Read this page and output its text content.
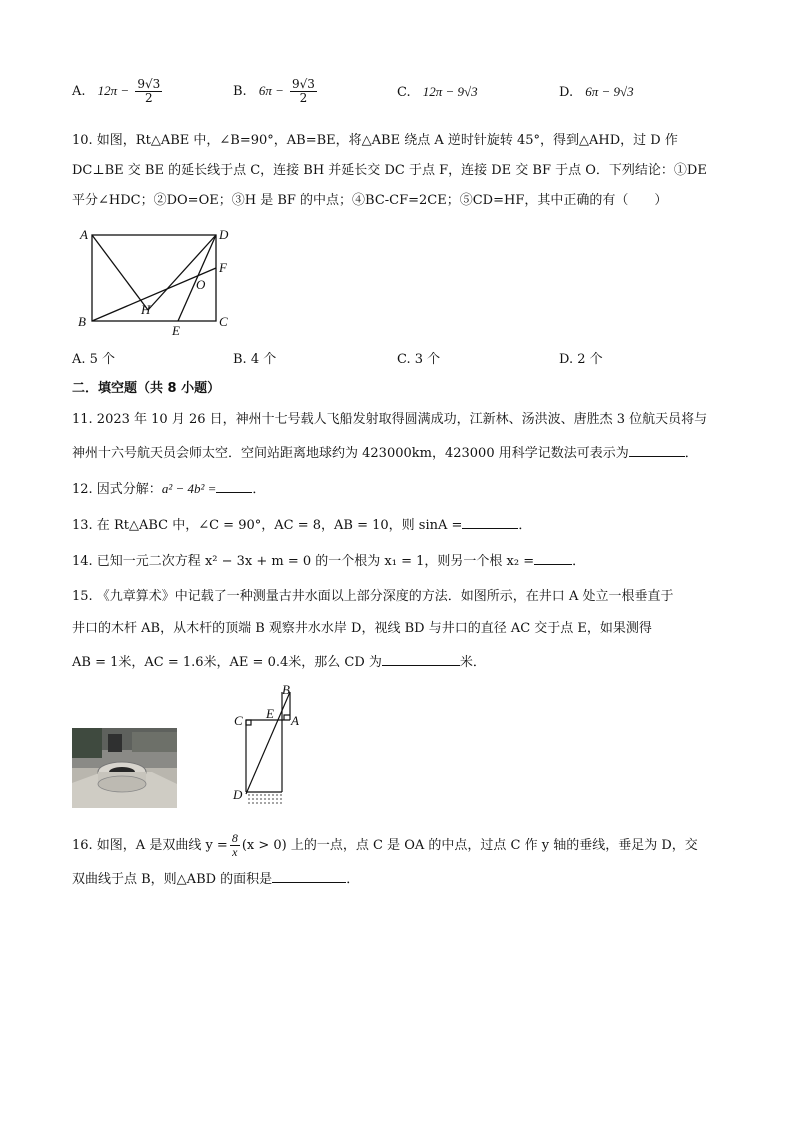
A. $12\pi - \frac{9√3}{2}$	B. $6\pi - \frac{9√3}{2}$	C. 12π − 9√3	D. 6π − 9√3
10. 如图，Rt△ABE 中，∠B=90°，AB=BE，将△ABE 绕点 A 逆时针旋转 45°，得到△AHD，过 D 作
DC⊥BE 交 BE 的延长线于点 C，连接 BH 并延长交 DC 于点 F，连接 DE 交 BF 于点 O．下列结论：①DE
平分∠HDC；②DO=OE；③H 是 BF 的中点；④BC-CF=2CE；⑤CD=HF，其中正确的有（　　）
A	D
F
O
H
B
E
C
A. 5 个	B. 4 个	C. 3 个	D. 2 个
二．填空题（共 8 小题）
11. 2023 年 10 月 26 日，神州十七号载人飞船发射取得圆满成功，江新林、汤洪波、唐胜杰 3 位航天员将与
神州十六号航天员会师太空．空间站距离地球约为 423000km，423000 用科学记数法可表示为	．
12. 因式分解：a² − 4b² =	．
13. 在 Rt△ABC 中，∠C = 90°，AC = 8，AB = 10，则 sinA =	．
14. 已知一元二次方程 x² − 3x + m = 0 的一个根为 x₁ = 1，则另一个根 x₂ =	．
15. 《九章算术》中记载了一种测量古井水面以上部分深度的方法．如图所示，在井口 A 处立一根垂直于
井口的木杆 AB，从木杆的顶端 B 观察井水水岸 D，视线 BD 与井口的直径 AC 交于点 E，如果测得
AB = 1米，AC = 1.6米，AE = 0.4米，那么 CD 为	米．
B
C E A
D
16. 如图，A 是双曲线 $y = \frac{8}{x} (x > 0)$ 上的一点，点 C 是 OA 的中点，过点 C 作 y 轴的垂线，垂足为 D，交
双曲线于点 B，则△ABD 的面积是	．
